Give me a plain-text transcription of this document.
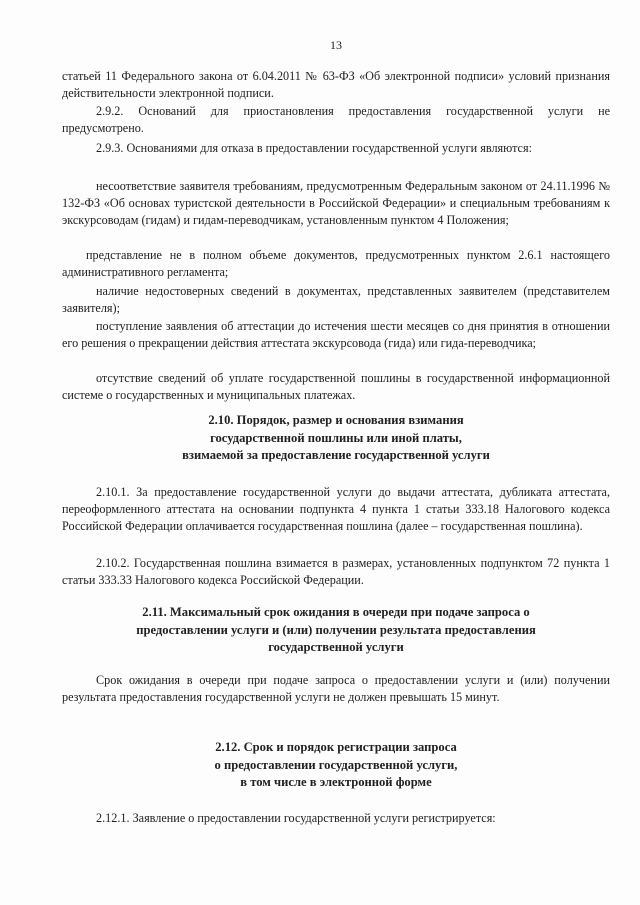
13

статьей 11 Федерального закона от 6.04.2011 № 63-ФЗ «Об электронной подписи» условий признания действительности электронной подписи.

2.9.2. Оснований для приостановления предоставления государственной услуги не предусмотрено.

2.9.3. Основаниями для отказа в предоставлении государственной услуги являются:

несоответствие заявителя требованиям, предусмотренным Федеральным законом от 24.11.1996 № 132-ФЗ «Об основах туристской деятельности в Российской Федерации» и специальным требованиям к экскурсоводам (гидам) и гидам-переводчикам, установленным пунктом 4 Положения;

представление не в полном объеме документов, предусмотренных пунктом 2.6.1 настоящего административного регламента;

наличие недостоверных сведений в документах, представленных заявителем (представителем заявителя);

поступление заявления об аттестации до истечения шести месяцев со дня принятия в отношении его решения о прекращении действия аттестата экскурсовода (гида) или гида-переводчика;

отсутствие сведений об уплате государственной пошлины в государственной информационной системе о государственных и муниципальных платежах.

2.10. Порядок, размер и основания взимания
государственной пошлины или иной платы,
взимаемой за предоставление государственной услуги

2.10.1. За предоставление государственной услуги до выдачи аттестата, дубликата аттестата, переоформленного аттестата на основании подпункта 4 пункта 1 статьи 333.18 Налогового кодекса Российской Федерации оплачивается государственная пошлина (далее – государственная пошлина).

2.10.2. Государственная пошлина взимается в размерах, установленных подпунктом 72 пункта 1 статьи 333.33 Налогового кодекса Российской Федерации.

2.11. Максимальный срок ожидания в очереди при подаче запроса о
предоставлении услуги и (или) получении результата предоставления
государственной услуги

Срок ожидания в очереди при подаче запроса о предоставлении услуги и (или) получении результата предоставления государственной услуги не должен превышать 15 минут.

2.12. Срок и порядок регистрации запроса
о предоставлении государственной услуги,
в том числе в электронной форме

2.12.1. Заявление о предоставлении государственной услуги регистрируется:
